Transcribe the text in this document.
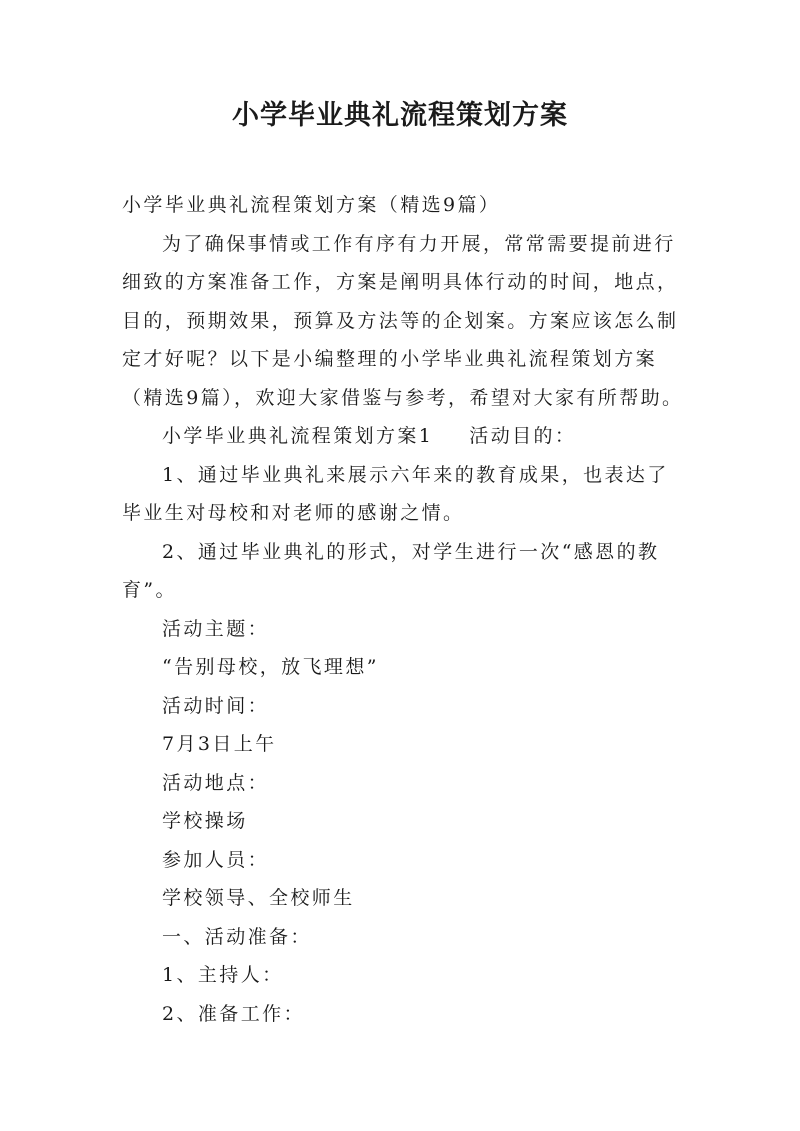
小学毕业典礼流程策划方案

小学毕业典礼流程策划方案（精选9篇）

为了确保事情或工作有序有力开展，常常需要提前进行细致的方案准备工作，方案是阐明具体行动的时间，地点，目的，预期效果，预算及方法等的企划案。方案应该怎么制定才好呢？以下是小编整理的小学毕业典礼流程策划方案（精选9篇），欢迎大家借鉴与参考，希望对大家有所帮助。

小学毕业典礼流程策划方案1 活动目的：

1、通过毕业典礼来展示六年来的教育成果，也表达了毕业生对母校和对老师的感谢之情。

2、通过毕业典礼的形式，对学生进行一次“感恩的教育”。

活动主题：

“告别母校，放飞理想”

活动时间：

7月3日上午

活动地点：

学校操场

参加人员：

学校领导、全校师生

一、活动准备：

1、主持人：

2、准备工作：
